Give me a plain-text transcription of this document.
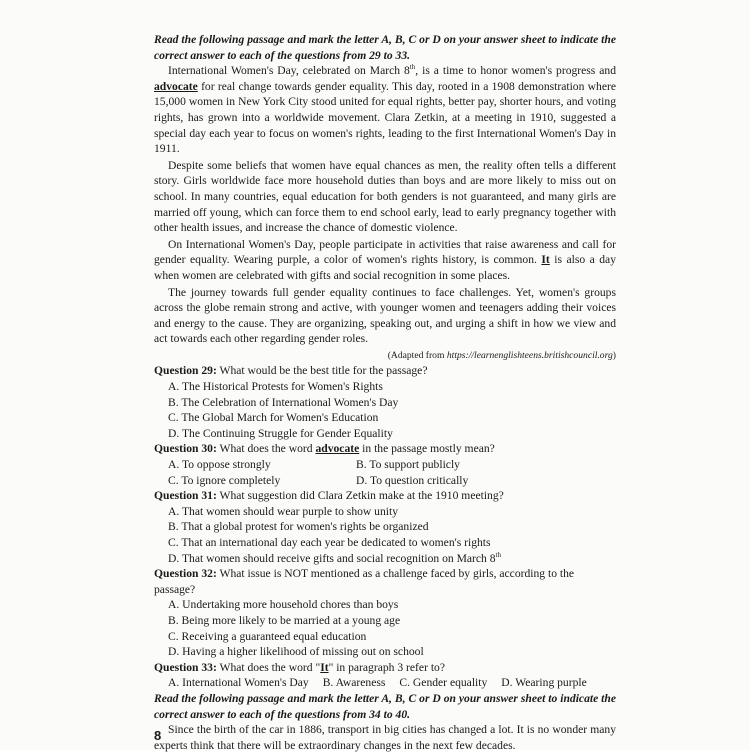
Read the following passage and mark the letter A, B, C or D on your answer sheet to indicate the correct answer to each of the questions from 29 to 33.

International Women's Day, celebrated on March 8th, is a time to honor women's progress and advocate for real change towards gender equality. This day, rooted in a 1908 demonstration where 15,000 women in New York City stood united for equal rights, better pay, shorter hours, and voting rights, has grown into a worldwide movement. Clara Zetkin, at a meeting in 1910, suggested a special day each year to focus on women's rights, leading to the first International Women's Day in 1911.

Despite some beliefs that women have equal chances as men, the reality often tells a different story. Girls worldwide face more household duties than boys and are more likely to miss out on school. In many countries, equal education for both genders is not guaranteed, and many girls are married off young, which can force them to end school early, lead to early pregnancy together with other health issues, and increase the chance of domestic violence.

On International Women's Day, people participate in activities that raise awareness and call for gender equality. Wearing purple, a color of women's rights history, is common. It is also a day when women are celebrated with gifts and social recognition in some places.

The journey towards full gender equality continues to face challenges. Yet, women's groups across the globe remain strong and active, with younger women and teenagers adding their voices and energy to the cause. They are organizing, speaking out, and urging a shift in how we view and act towards each other regarding gender roles.

(Adapted from https://learnenglishteens.britishcouncil.org)

Question 29: What would be the best title for the passage?

A. The Historical Protests for Women's Rights

B. The Celebration of International Women's Day

C. The Global March for Women's Education

D. The Continuing Struggle for Gender Equality

Question 30: What does the word advocate in the passage mostly mean?

A. To oppose strongly	B. To support publicly
C. To ignore completely	D. To question critically

Question 31: What suggestion did Clara Zetkin make at the 1910 meeting?

A. That women should wear purple to show unity

B. That a global protest for women's rights be organized

C. That an international day each year be dedicated to women's rights

D. That women should receive gifts and social recognition on March 8th

Question 32: What issue is NOT mentioned as a challenge faced by girls, according to the passage?

A. Undertaking more household chores than boys

B. Being more likely to be married at a young age

C. Receiving a guaranteed equal education

D. Having a higher likelihood of missing out on school

Question 33: What does the word "It" in paragraph 3 refer to?

A. International Women's Day B. Awareness C. Gender equality D. Wearing purple

Read the following passage and mark the letter A, B, C or D on your answer sheet to indicate the correct answer to each of the questions from 34 to 40.

Since the birth of the car in 1886, transport in big cities has changed a lot. It is no wonder many experts think that there will be extraordinary changes in the next few decades.

8
